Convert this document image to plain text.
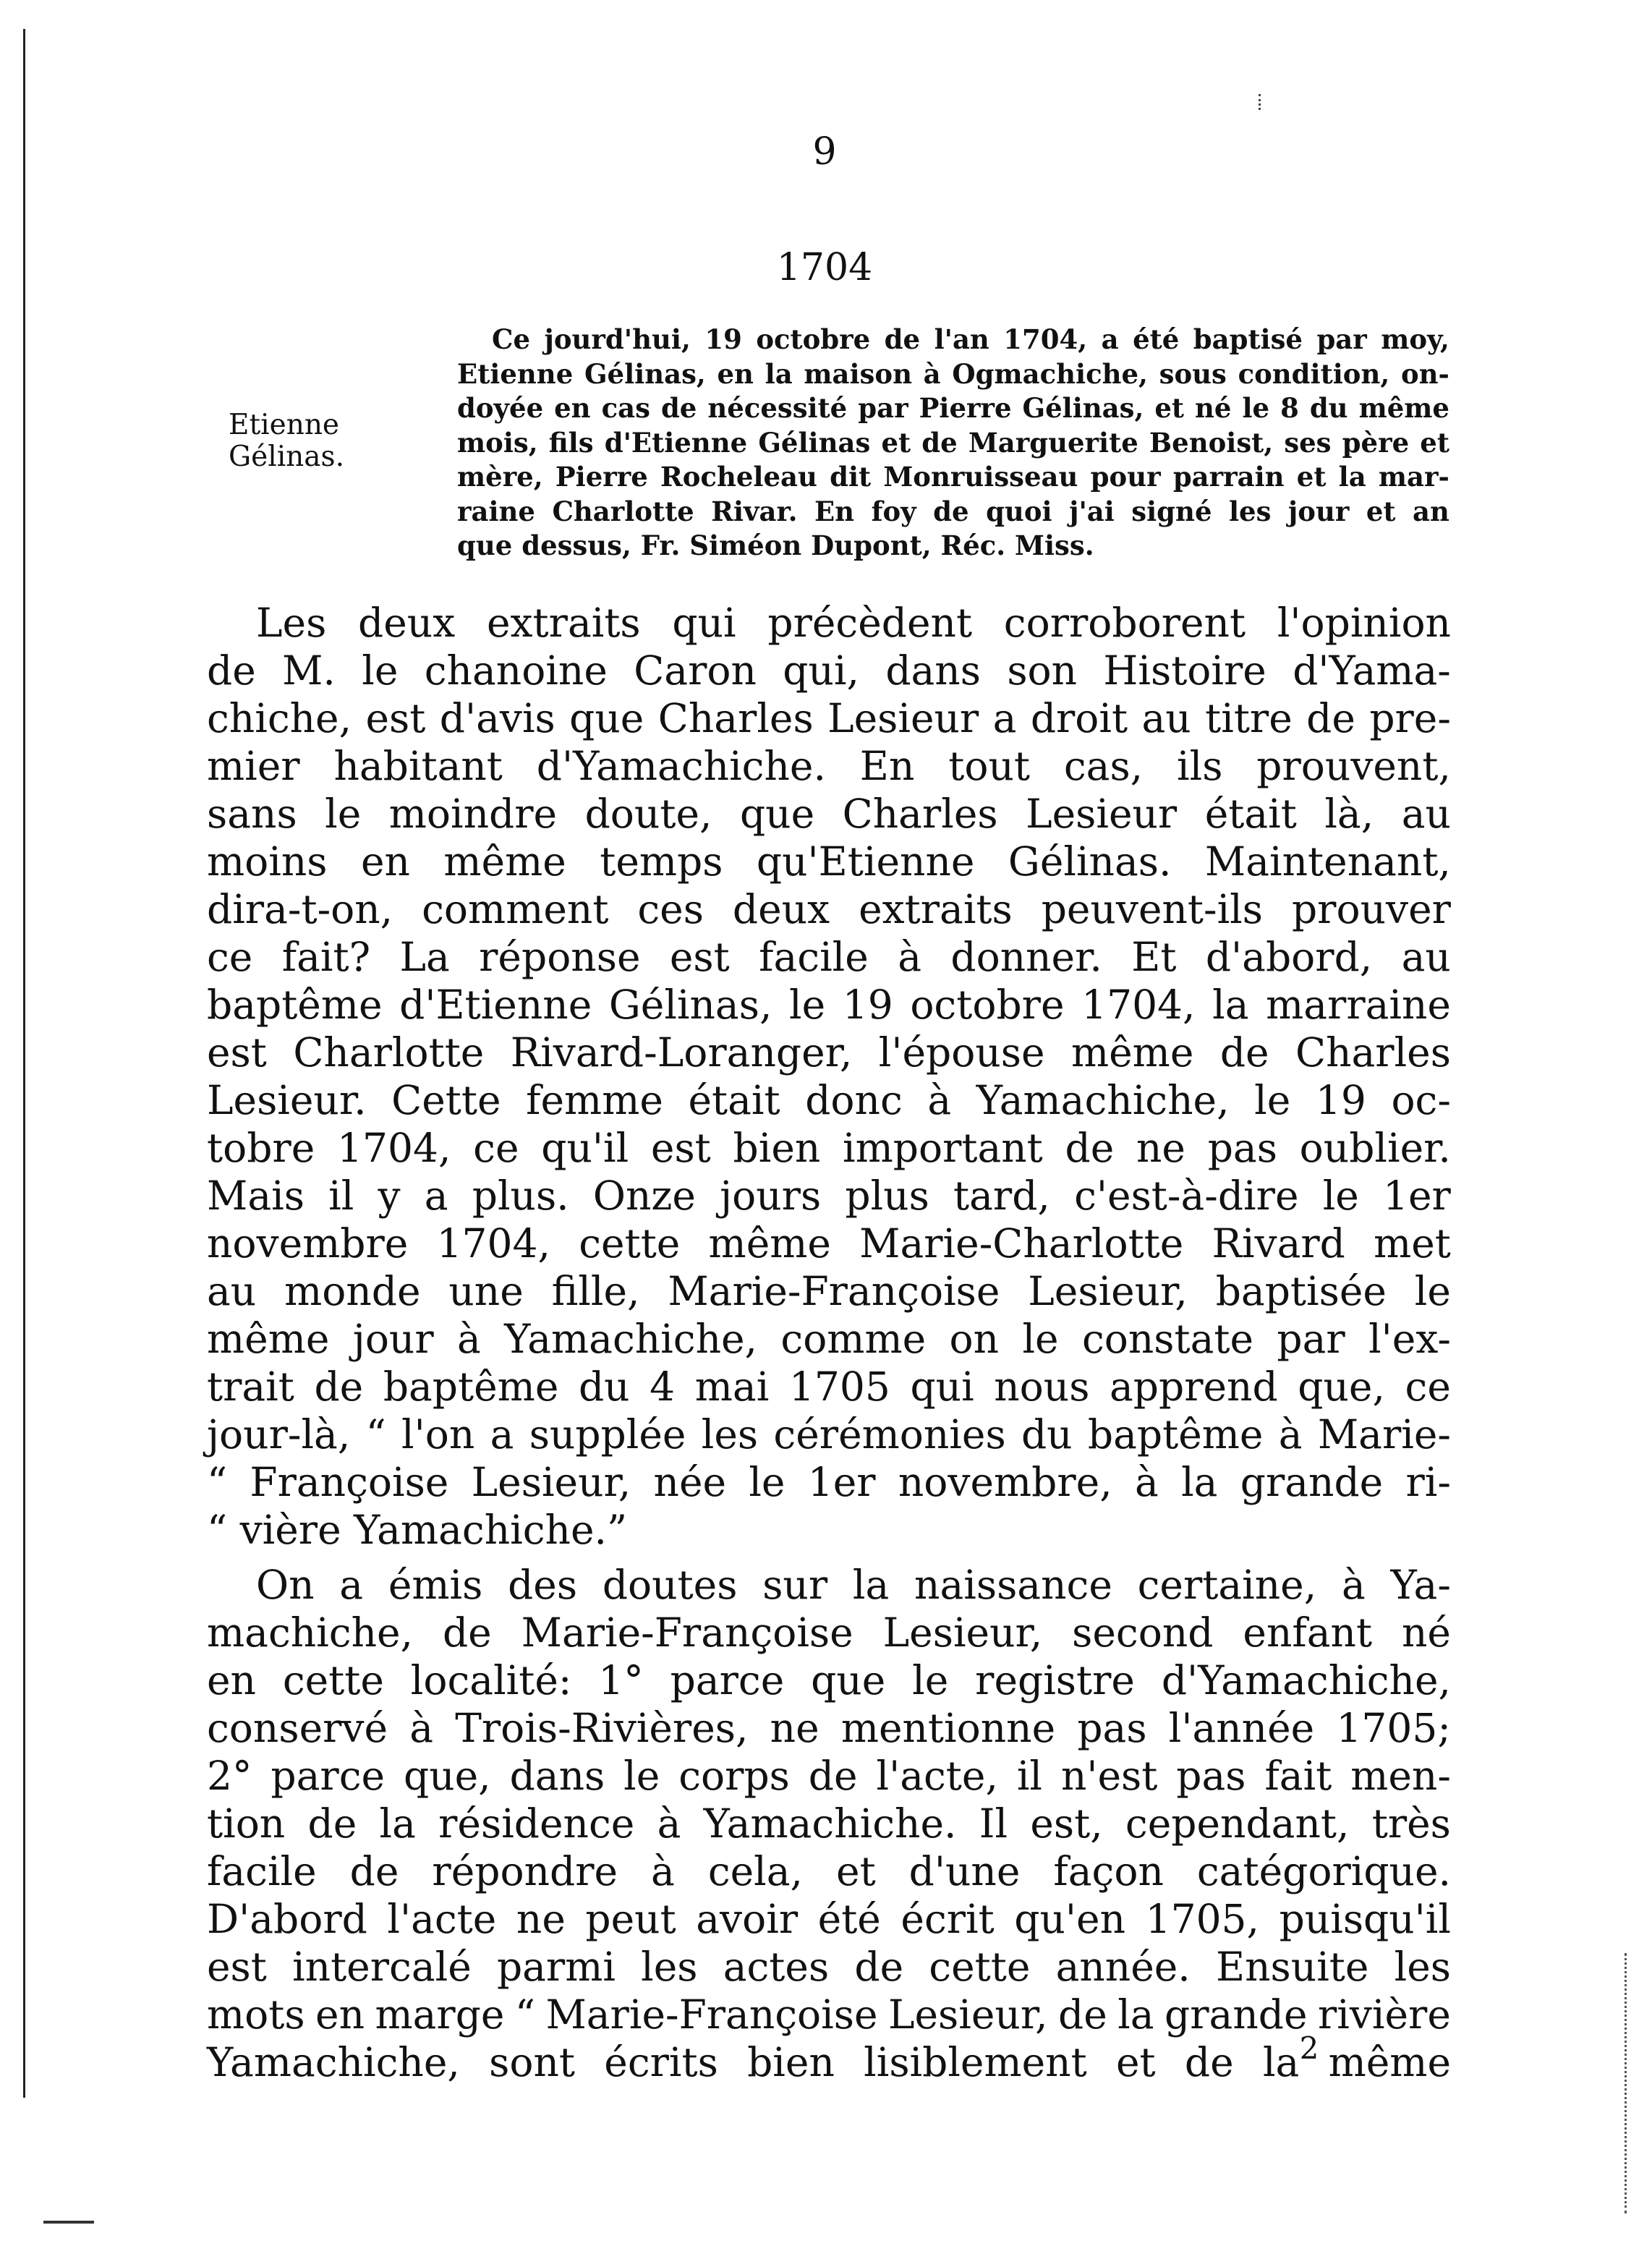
9
1704
Etienne
Gélinas.
Ce jourd'hui, 19 octobre de l'an 1704, a été baptisé par moy,
Etienne Gélinas, en la maison à Ogmachiche, sous condition, on-
doyée en cas de nécessité par Pierre Gélinas, et né le 8 du même
mois, fils d'Etienne Gélinas et de Marguerite Benoist, ses père et
mère, Pierre Rocheleau dit Monruisseau pour parrain et la mar-
raine Charlotte Rivar. En foy de quoi j'ai signé les jour et an
que dessus, Fr. Siméon Dupont, Réc. Miss.
Les deux extraits qui précèdent corroborent l'opinion
de M. le chanoine Caron qui, dans son Histoire d'Yama-
chiche, est d'avis que Charles Lesieur a droit au titre de pre-
mier habitant d'Yamachiche. En tout cas, ils prouvent,
sans le moindre doute, que Charles Lesieur était là, au
moins en même temps qu'Etienne Gélinas. Maintenant,
dira-t-on, comment ces deux extraits peuvent-ils prouver
ce fait? La réponse est facile à donner. Et d'abord, au
baptême d'Etienne Gélinas, le 19 octobre 1704, la marraine
est Charlotte Rivard-Loranger, l'épouse même de Charles
Lesieur. Cette femme était donc à Yamachiche, le 19 oc-
tobre 1704, ce qu'il est bien important de ne pas oublier.
Mais il y a plus. Onze jours plus tard, c'est-à-dire le 1er
novembre 1704, cette même Marie-Charlotte Rivard met
au monde une fille, Marie-Françoise Lesieur, baptisée le
même jour à Yamachiche, comme on le constate par l'ex-
trait de baptême du 4 mai 1705 qui nous apprend que, ce
jour-là, “ l'on a supplée les cérémonies du baptême à Marie-
“ Françoise Lesieur, née le 1er novembre, à la grande ri-
“ vière Yamachiche.”
On a émis des doutes sur la naissance certaine, à Ya-
machiche, de Marie-Françoise Lesieur, second enfant né
en cette localité: 1° parce que le registre d'Yamachiche,
conservé à Trois-Rivières, ne mentionne pas l'année 1705;
2° parce que, dans le corps de l'acte, il n'est pas fait men-
tion de la résidence à Yamachiche. Il est, cependant, très
facile de répondre à cela, et d'une façon catégorique.
D'abord l'acte ne peut avoir été écrit qu'en 1705, puisqu'il
est intercalé parmi les actes de cette année. Ensuite les
mots en marge “ Marie-Françoise Lesieur, de la grande rivière
Yamachiche, sont écrits bien lisiblement et de la même
2
